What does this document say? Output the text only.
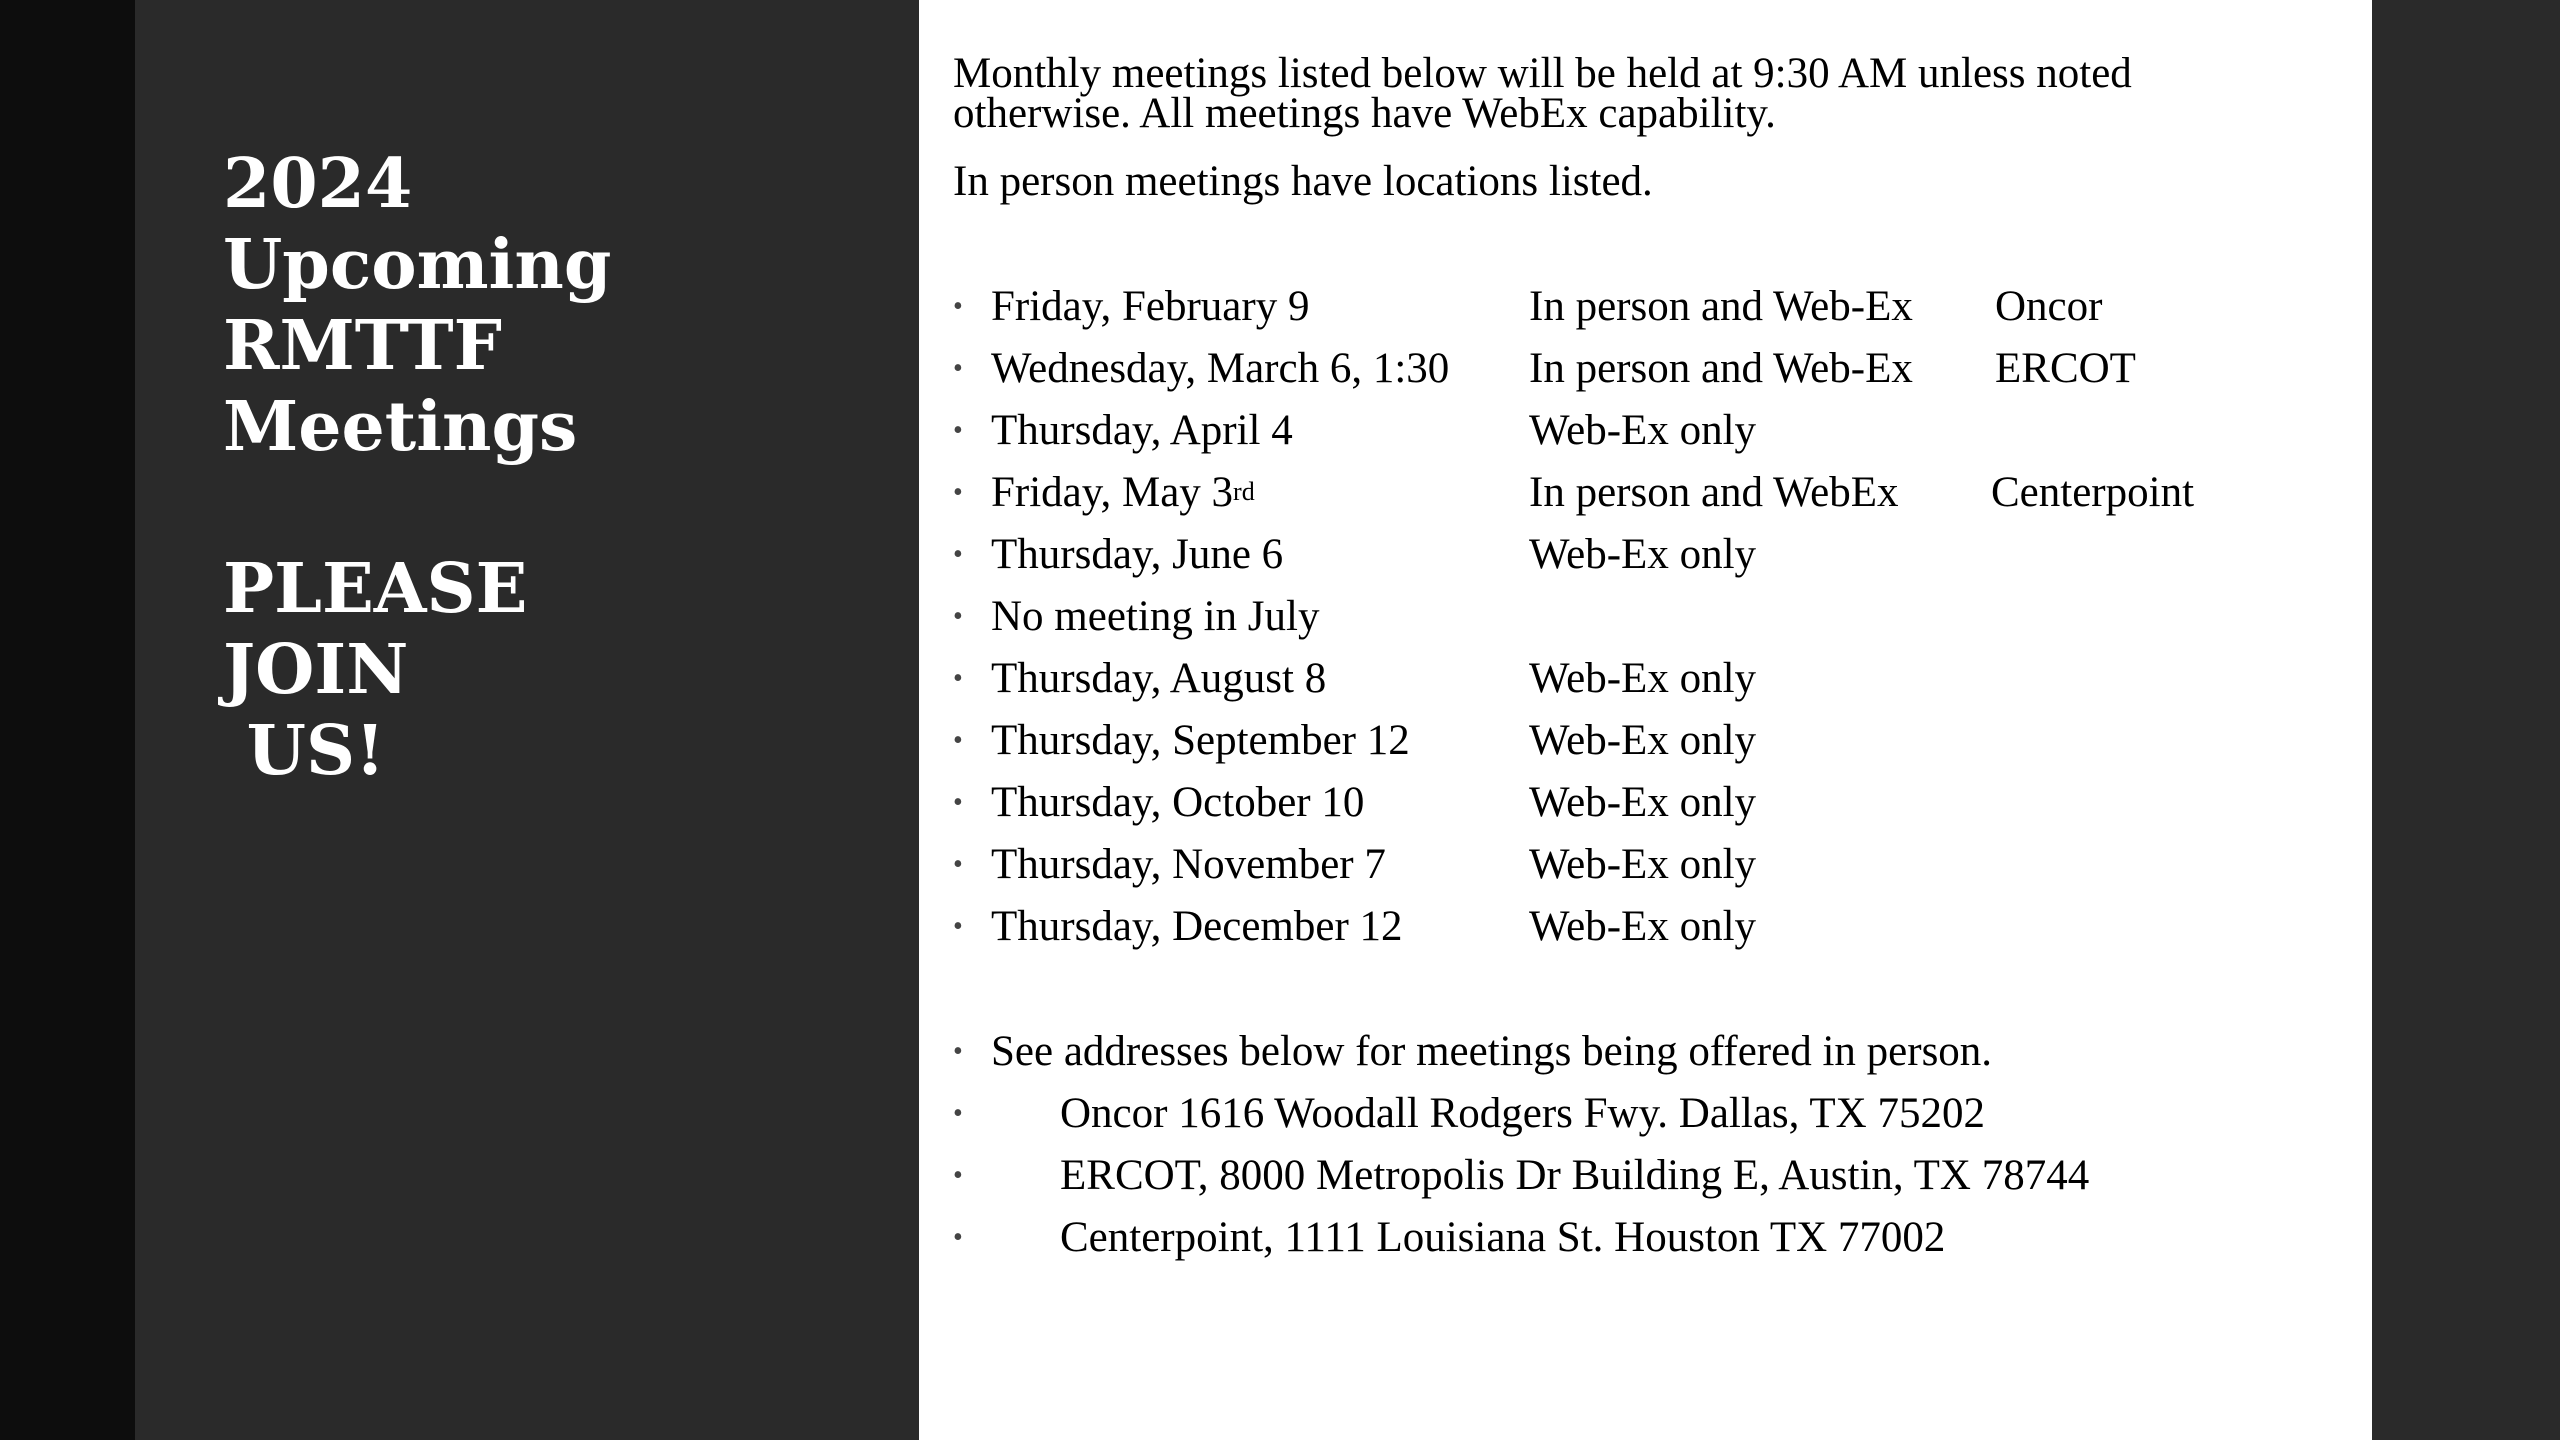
2024
Upcoming
RMTTF
Meetings
PLEASE
JOIN
US!
Monthly meetings listed below will be held at 9:30 AM unless noted otherwise. All meetings have WebEx capability.
In person meetings have locations listed.
• Friday, February 9	In person and Web-Ex Oncor
• Wednesday, March 6, 1:30 In person and Web-Ex ERCOT
• Thursday, April 4	Web-Ex only
• Friday, May 3rd	In person and WebEx Centerpoint
• Thursday, June 6	Web-Ex only
• No meeting in July
• Thursday, August 8	Web-Ex only
• Thursday, September 12	Web-Ex only
• Thursday, October 10	Web-Ex only
• Thursday, November 7	Web-Ex only
• Thursday, December 12	Web-Ex only
• See addresses below for meetings being offered in person.
• Oncor 1616 Woodall Rodgers Fwy. Dallas, TX 75202
• ERCOT, 8000 Metropolis Dr Building E, Austin, TX 78744
• Centerpoint, 1111 Louisiana St. Houston TX 77002
